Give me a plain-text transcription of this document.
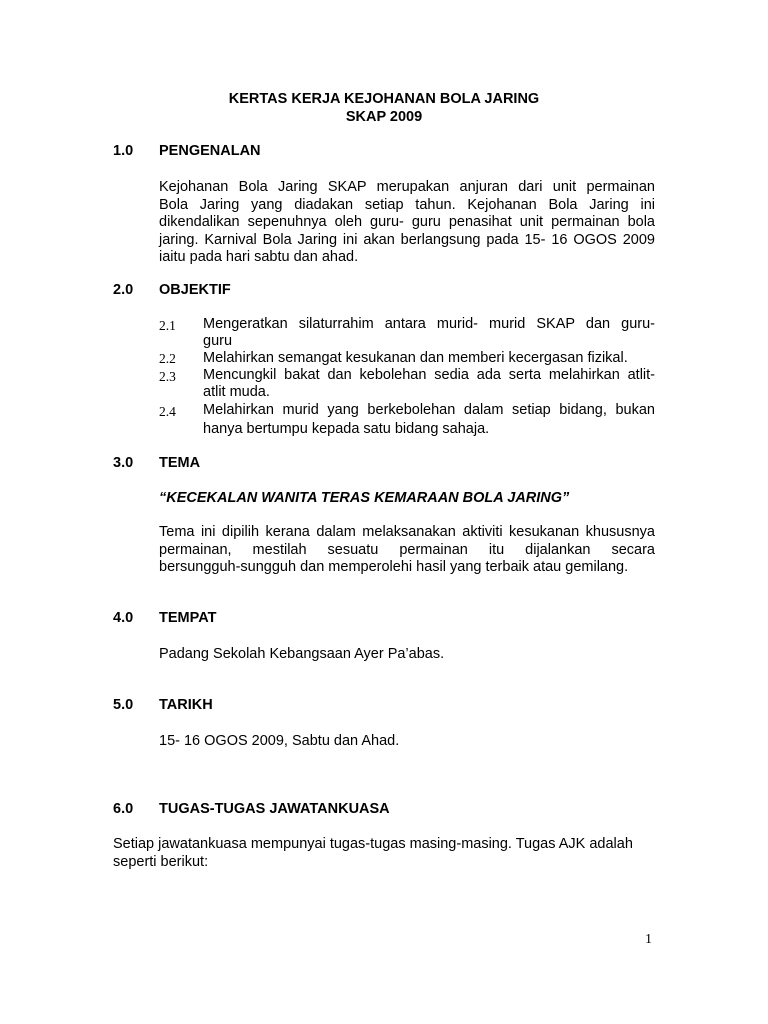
KERTAS KERJA KEJOHANAN BOLA JARING
SKAP 2009
1.0 PENGENALAN
Kejohanan Bola Jaring SKAP merupakan anjuran dari unit permainan
Bola Jaring yang diadakan setiap tahun. Kejohanan Bola Jaring ini
dikendalikan sepenuhnya oleh guru- guru penasihat unit permainan bola
jaring. Karnival Bola Jaring ini akan berlangsung pada 15- 16 OGOS 2009
iaitu pada hari sabtu dan ahad.
2.0 OBJEKTIF
2.1 Mengeratkan silaturrahim antara murid- murid SKAP dan guru-
guru
2.2 Melahirkan semangat kesukanan dan memberi kecergasan fizikal.
2.3 Mencungkil bakat dan kebolehan sedia ada serta melahirkan atlit-
atlit muda.
2.4 Melahirkan murid yang berkebolehan dalam setiap bidang, bukan
hanya bertumpu kepada satu bidang sahaja.
3.0 TEMA
“KECEKALAN WANITA TERAS KEMARAAN BOLA JARING”
Tema ini dipilih kerana dalam melaksanakan aktiviti kesukanan khususnya
permainan, mestilah sesuatu permainan itu dijalankan secara
bersungguh-sungguh dan memperolehi hasil yang terbaik atau gemilang.
4.0 TEMPAT
Padang Sekolah Kebangsaan Ayer Pa’abas.
5.0 TARIKH
15- 16 OGOS 2009, Sabtu dan Ahad.
6.0 TUGAS-TUGAS JAWATANKUASA
Setiap jawatankuasa mempunyai tugas-tugas masing-masing. Tugas AJK adalah
seperti berikut:
1
